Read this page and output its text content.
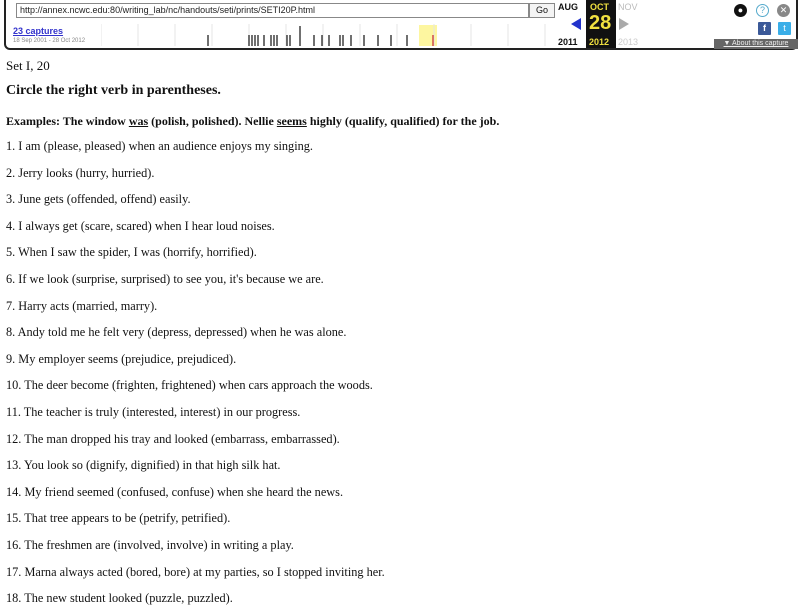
http://annex.ncwc.edu:80/writing_lab/nc/handouts/seti/prints/SETI20P.html	Go
23 captures
18 Sep 2001 - 28 Oct 2012
AUG
2011
OCT
28
2012
NOV
2013
●	?	✕
f	t
▼ About this capture
Set I, 20
Circle the right verb in parentheses.
Examples: The window was (polish, polished). Nellie seems highly (qualify, qualified) for the job.
1. I am (please, pleased) when an audience enjoys my singing.
2. Jerry looks (hurry, hurried).
3. June gets (offended, offend) easily.
4. I always get (scare, scared) when I hear loud noises.
5. When I saw the spider, I was (horrify, horrified).
6. If we look (surprise, surprised) to see you, it's because we are.
7. Harry acts (married, marry).
8. Andy told me he felt very (depress, depressed) when he was alone.
9. My employer seems (prejudice, prejudiced).
10. The deer become (frighten, frightened) when cars approach the woods.
11. The teacher is truly (interested, interest) in our progress.
12. The man dropped his tray and looked (embarrass, embarrassed).
13. You look so (dignify, dignified) in that high silk hat.
14. My friend seemed (confused, confuse) when she heard the news.
15. That tree appears to be (petrify, petrified).
16. The freshmen are (involved, involve) in writing a play.
17. Marna always acted (bored, bore) at my parties, so I stopped inviting her.
18. The new student looked (puzzle, puzzled).
